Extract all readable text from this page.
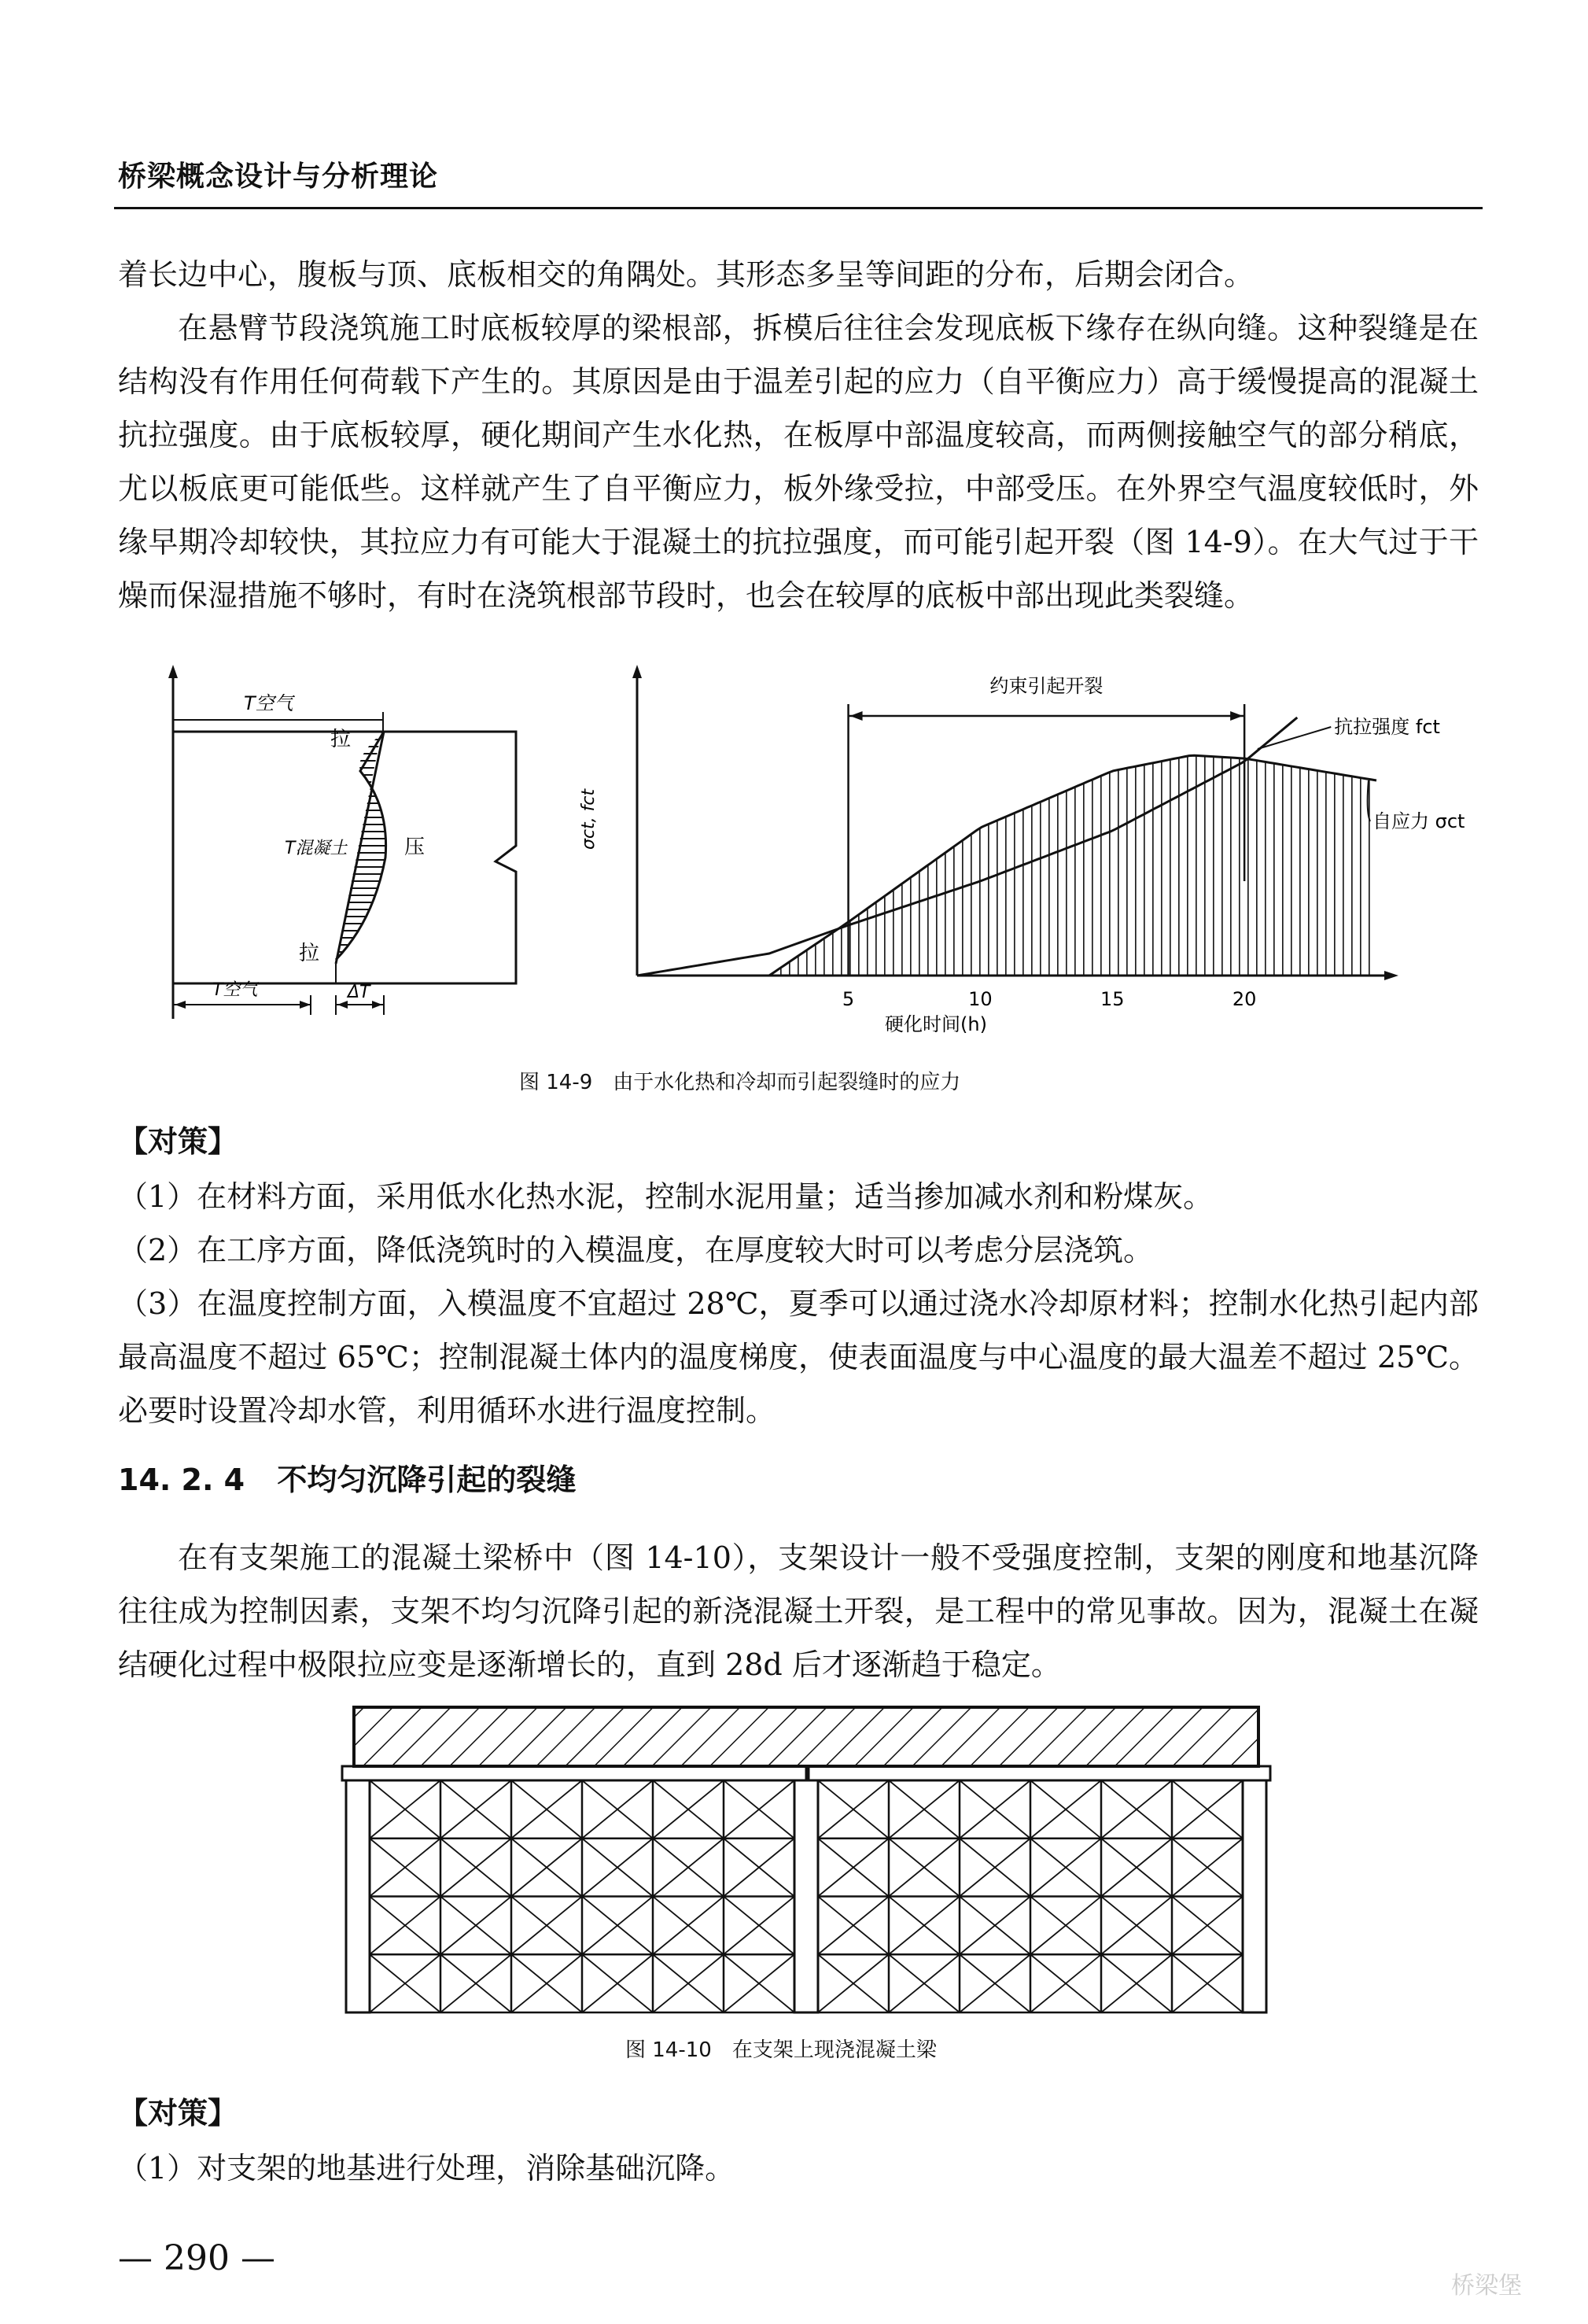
桥梁概念设计与分析理论
着长边中心，腹板与顶、底板相交的角隅处。其形态多呈等间距的分布，后期会闭合。
在悬臂节段浇筑施工时底板较厚的梁根部，拆模后往往会发现底板下缘存在纵向缝。这种裂缝是在结构没有作用任何荷载下产生的。其原因是由于温差引起的应力（自平衡应力）高于缓慢提高的混凝土抗拉强度。由于底板较厚，硬化期间产生水化热，在板厚中部温度较高，而两侧接触空气的部分稍底，尤以板底更可能低些。这样就产生了自平衡应力，板外缘受拉，中部受压。在外界空气温度较低时，外缘早期冷却较快，其拉应力有可能大于混凝土的抗拉强度，而可能引起开裂（图 14-9）。在大气过于干燥而保湿措施不够时，有时在浇筑根部节段时，也会在较厚的底板中部出现此类裂缝。
T空气
拉
T混凝土	压
拉
T空气	ΔT
σct, fct
5	10	15	20
约束引起开裂
硬化时间(h)
抗拉强度 fct
自应力 σct
图 14-9　由于水化热和冷却而引起裂缝时的应力
【对策】
（1）在材料方面，采用低水化热水泥，控制水泥用量；适当掺加减水剂和粉煤灰。
（2）在工序方面，降低浇筑时的入模温度，在厚度较大时可以考虑分层浇筑。
（3）在温度控制方面，入模温度不宜超过 28℃，夏季可以通过浇水冷却原材料；控制水化热引起内部最高温度不超过 65℃；控制混凝土体内的温度梯度，使表面温度与中心温度的最大温差不超过 25℃。必要时设置冷却水管，利用循环水进行温度控制。
14. 2. 4 不均匀沉降引起的裂缝
在有支架施工的混凝土梁桥中（图 14-10），支架设计一般不受强度控制，支架的刚度和地基沉降往往成为控制因素，支架不均匀沉降引起的新浇混凝土开裂，是工程中的常见事故。因为，混凝土在凝结硬化过程中极限拉应变是逐渐增长的，直到 28d 后才逐渐趋于稳定。
图 14-10　在支架上现浇混凝土梁
【对策】
（1）对支架的地基进行处理，消除基础沉降。
— 290 —
桥梁堡
